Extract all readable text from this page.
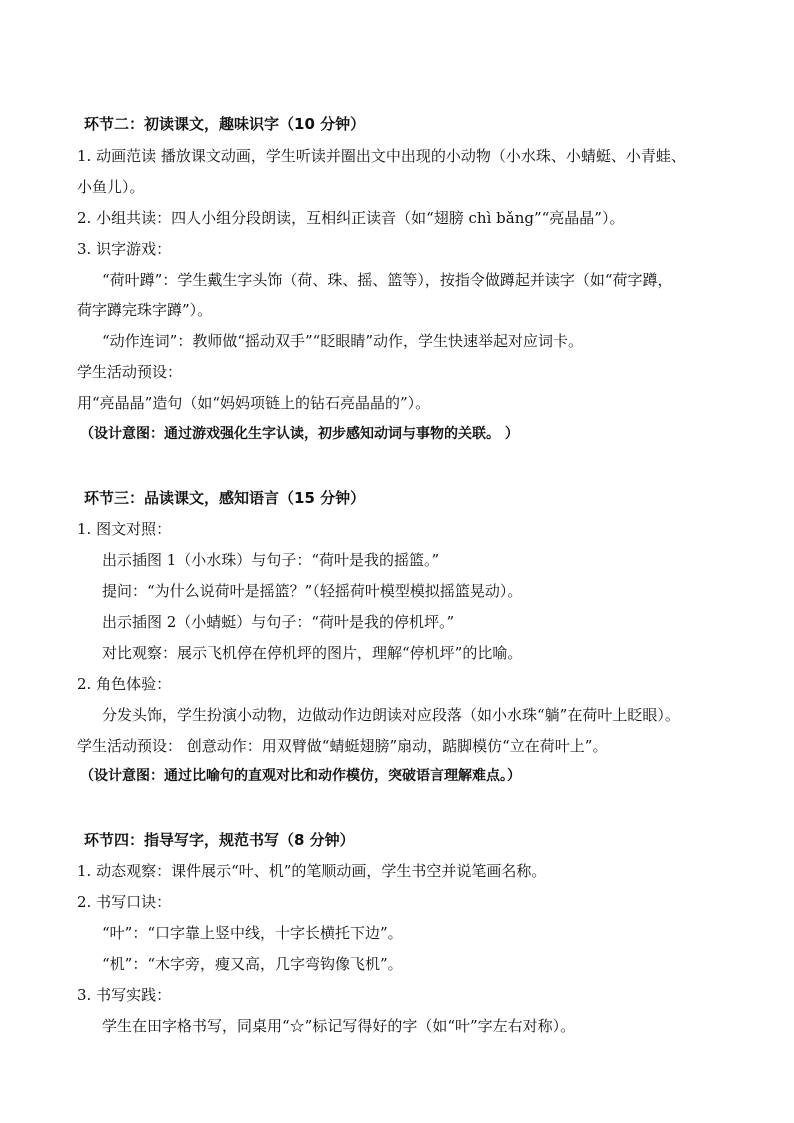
环节二：初读课文，趣味识字（10 分钟）
1. 动画范读 播放课文动画，学生听读并圈出文中出现的小动物（小水珠、小蜻蜓、小青蛙、
小鱼儿）。
2. 小组共读：四人小组分段朗读，互相纠正读音（如“翅膀 chì bǎng”“亮晶晶”）。
3. 识字游戏：
“荷叶蹲”：学生戴生字头饰（荷、珠、摇、篮等），按指令做蹲起并读字（如“荷字蹲，
荷字蹲完珠字蹲”）。
“动作连词”：教师做“摇动双手”“眨眼睛”动作，学生快速举起对应词卡。
学生活动预设：
用“亮晶晶”造句（如“妈妈项链上的钻石亮晶晶的”）。
（设计意图：通过游戏强化生字认读，初步感知动词与事物的关联。 ）
环节三：品读课文，感知语言（15 分钟）
1. 图文对照：
出示插图 1（小水珠）与句子：“荷叶是我的摇篮。”
提问：“为什么说荷叶是摇篮？”（轻摇荷叶模型模拟摇篮晃动）。
出示插图 2（小蜻蜓）与句子：“荷叶是我的停机坪。”
对比观察：展示飞机停在停机坪的图片，理解“停机坪”的比喻。
2. 角色体验：
分发头饰，学生扮演小动物，边做动作边朗读对应段落（如小水珠“躺”在荷叶上眨眼）。
学生活动预设： 创意动作：用双臂做“蜻蜓翅膀”扇动，踮脚模仿“立在荷叶上”。
（设计意图：通过比喻句的直观对比和动作模仿，突破语言理解难点。）
环节四：指导写字，规范书写（8 分钟）
1. 动态观察：课件展示“叶、机”的笔顺动画，学生书空并说笔画名称。
2. 书写口诀：
“叶”：“口字靠上竖中线，十字长横托下边”。
“机”：“木字旁，瘦又高，几字弯钩像飞机”。
3. 书写实践：
学生在田字格书写，同桌用“☆”标记写得好的字（如“叶”字左右对称）。
